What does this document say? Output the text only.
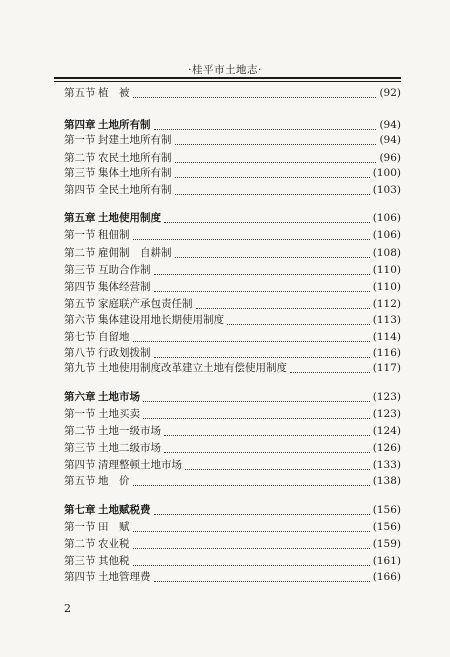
·桂平市土地志·
第五节 植　被	(92)
第四章 土地所有制	(94)
第一节 封建土地所有制	(94)
第二节 农民土地所有制	(96)
第三节 集体土地所有制	(100)
第四节 全民土地所有制	(103)
第五章 土地使用制度	(106)
第一节 租佃制	(106)
第二节 雇佣制　自耕制	(108)
第三节 互助合作制	(110)
第四节 集体经营制	(110)
第五节 家庭联产承包责任制	(112)
第六节 集体建设用地长期使用制度	(113)
第七节 自留地	(114)
第八节 行政划拨制	(116)
第九节 土地使用制度改革建立土地有偿使用制度	(117)
第六章 土地市场	(123)
第一节 土地买卖	(123)
第二节 土地一级市场	(124)
第三节 土地二级市场	(126)
第四节 清理整顿土地市场	(133)
第五节 地　价	(138)
第七章 土地赋税费	(156)
第一节 田　赋	(156)
第二节 农业税	(159)
第三节 其他税	(161)
第四节 土地管理费	(166)
2
